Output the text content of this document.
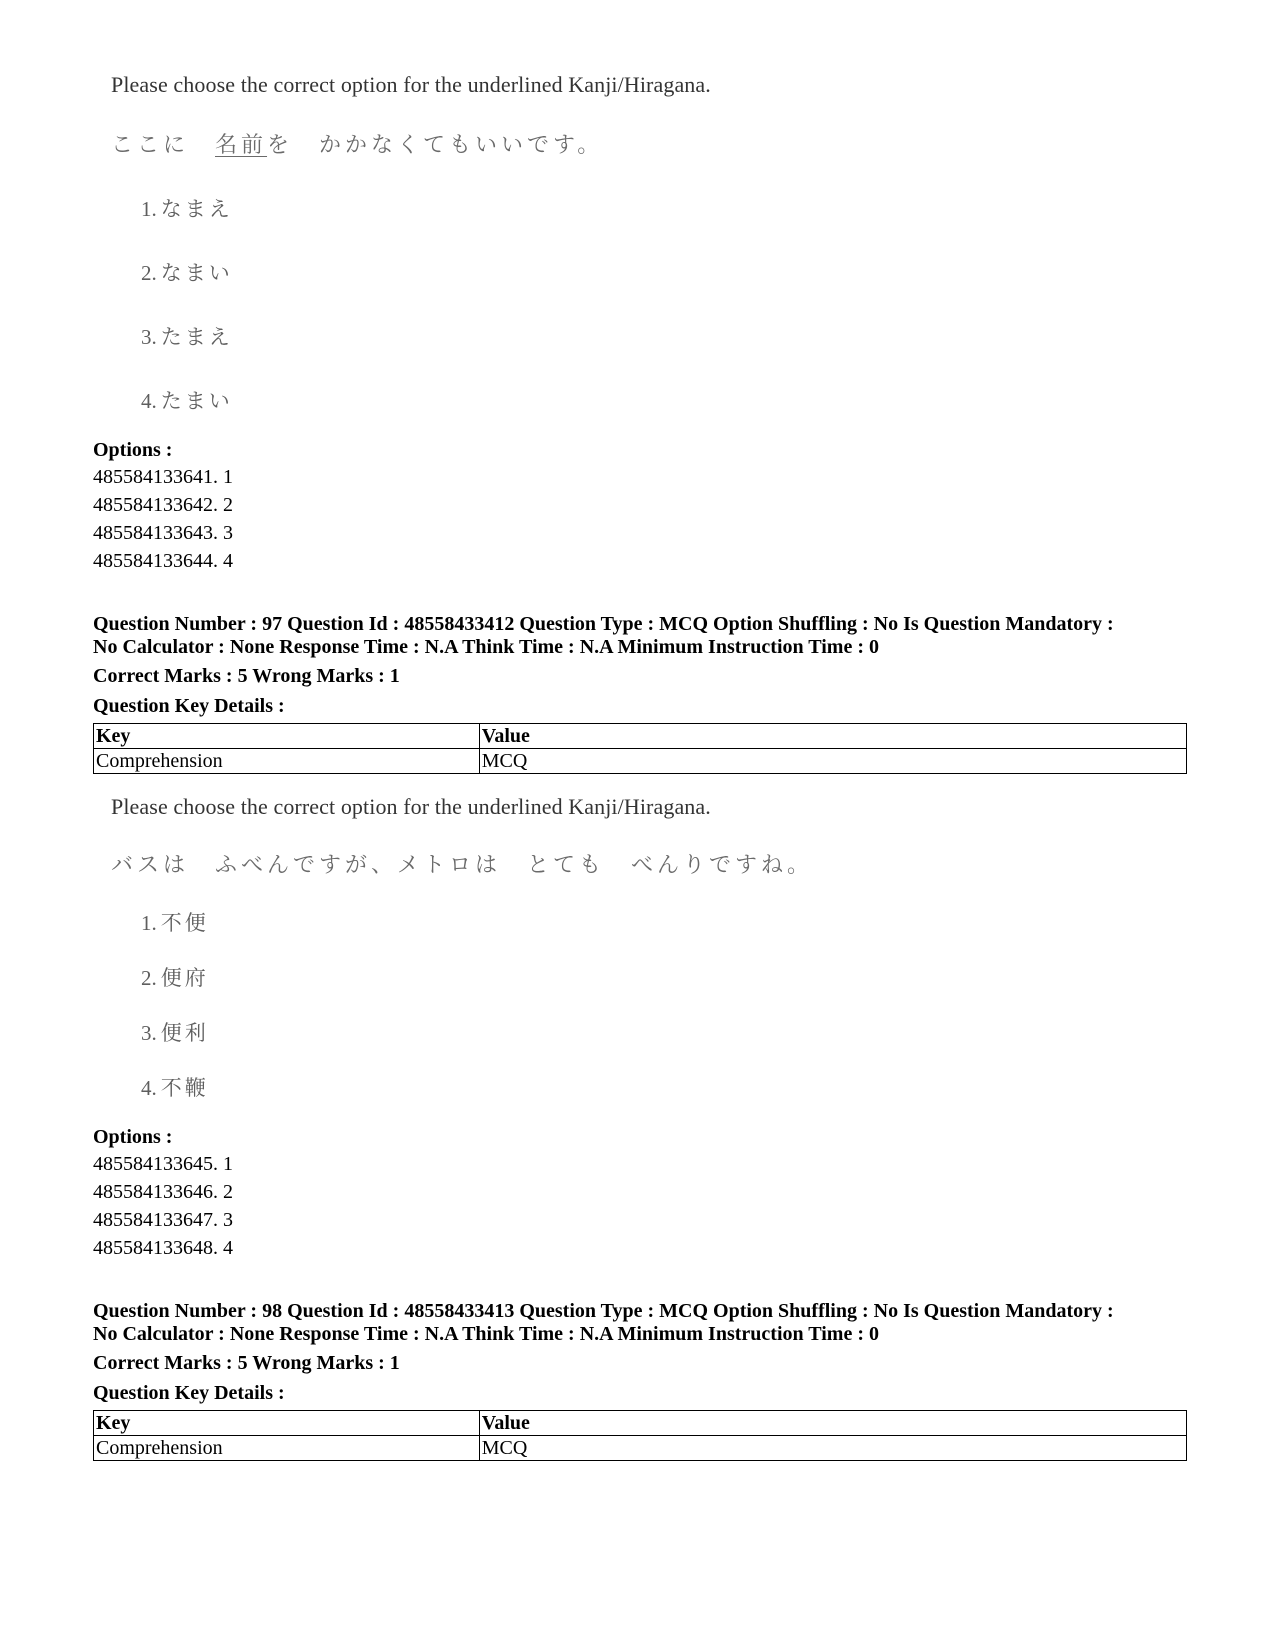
Please choose the correct option for the underlined Kanji/Hiragana.
ここに　名前を　かかなくてもいいです。
1. なまえ
2. なまい
3. たまえ
4. たまい
Options :
485584133641. 1
485584133642. 2
485584133643. 3
485584133644. 4
Question Number : 97 Question Id : 48558433412 Question Type : MCQ Option Shuffling : No Is Question Mandatory :
No Calculator : None Response Time : N.A Think Time : N.A Minimum Instruction Time : 0
Correct Marks : 5 Wrong Marks : 1
Question Key Details :
Key	Value
Comprehension	MCQ
Please choose the correct option for the underlined Kanji/Hiragana.
バスは　ふべんですが、メトロは　とても　べんりですね。
1. 不便
2. 便府
3. 便利
4. 不鞭
Options :
485584133645. 1
485584133646. 2
485584133647. 3
485584133648. 4
Question Number : 98 Question Id : 48558433413 Question Type : MCQ Option Shuffling : No Is Question Mandatory :
No Calculator : None Response Time : N.A Think Time : N.A Minimum Instruction Time : 0
Correct Marks : 5 Wrong Marks : 1
Question Key Details :
Key	Value
Comprehension	MCQ
